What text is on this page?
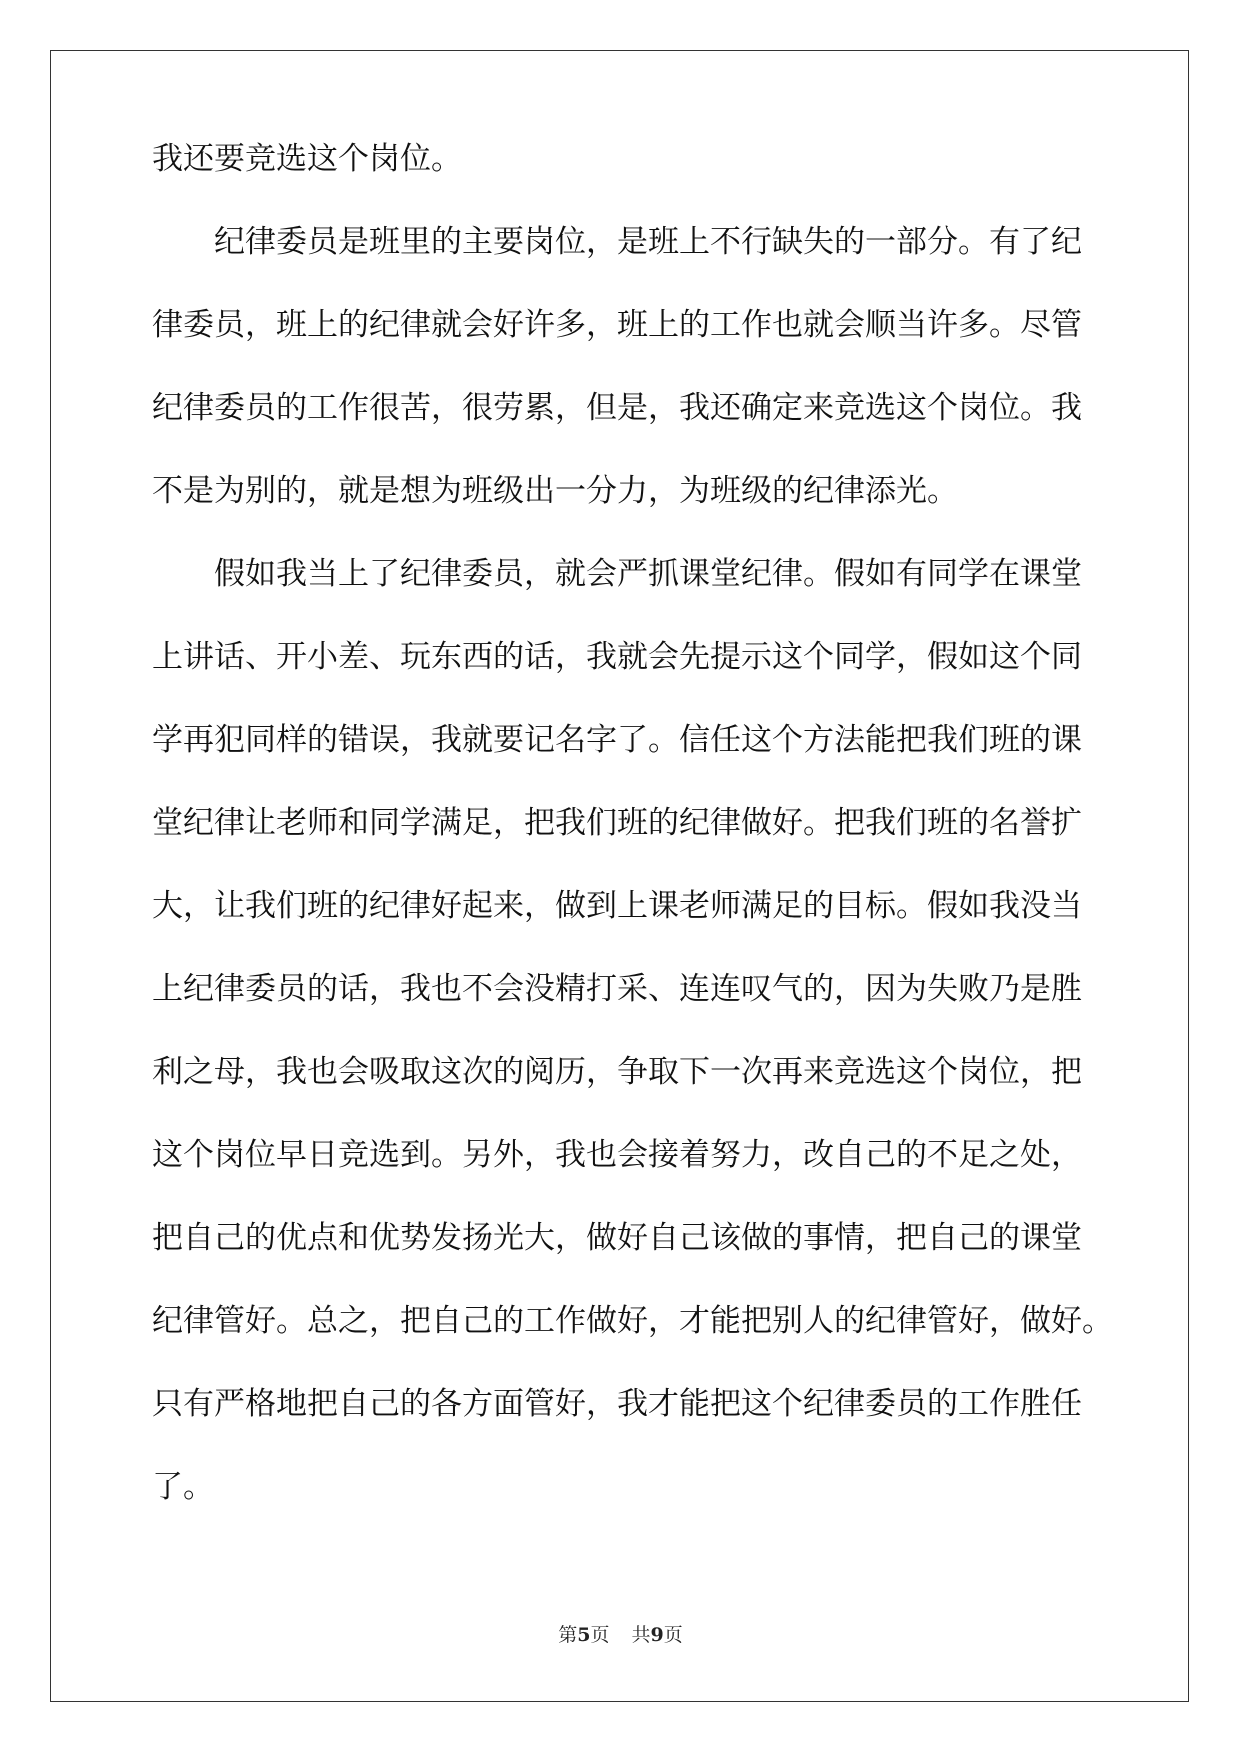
我还要竞选这个岗位。

　　纪律委员是班里的主要岗位，是班上不行缺失的一部分。有了纪

律委员，班上的纪律就会好许多，班上的工作也就会顺当许多。尽管

纪律委员的工作很苦，很劳累，但是，我还确定来竞选这个岗位。我

不是为别的，就是想为班级出一分力，为班级的纪律添光。

　　假如我当上了纪律委员，就会严抓课堂纪律。假如有同学在课堂

上讲话、开小差、玩东西的话，我就会先提示这个同学，假如这个同

学再犯同样的错误，我就要记名字了。信任这个方法能把我们班的课

堂纪律让老师和同学满足，把我们班的纪律做好。把我们班的名誉扩

大，让我们班的纪律好起来，做到上课老师满足的目标。假如我没当

上纪律委员的话，我也不会没精打采、连连叹气的，因为失败乃是胜

利之母，我也会吸取这次的阅历，争取下一次再来竞选这个岗位，把

这个岗位早日竞选到。另外，我也会接着努力，改自己的不足之处，

把自己的优点和优势发扬光大，做好自己该做的事情，把自己的课堂

纪律管好。总之，把自己的工作做好，才能把别人的纪律管好，做好。

只有严格地把自己的各方面管好，我才能把这个纪律委员的工作胜任

了。

第5页 共9页
